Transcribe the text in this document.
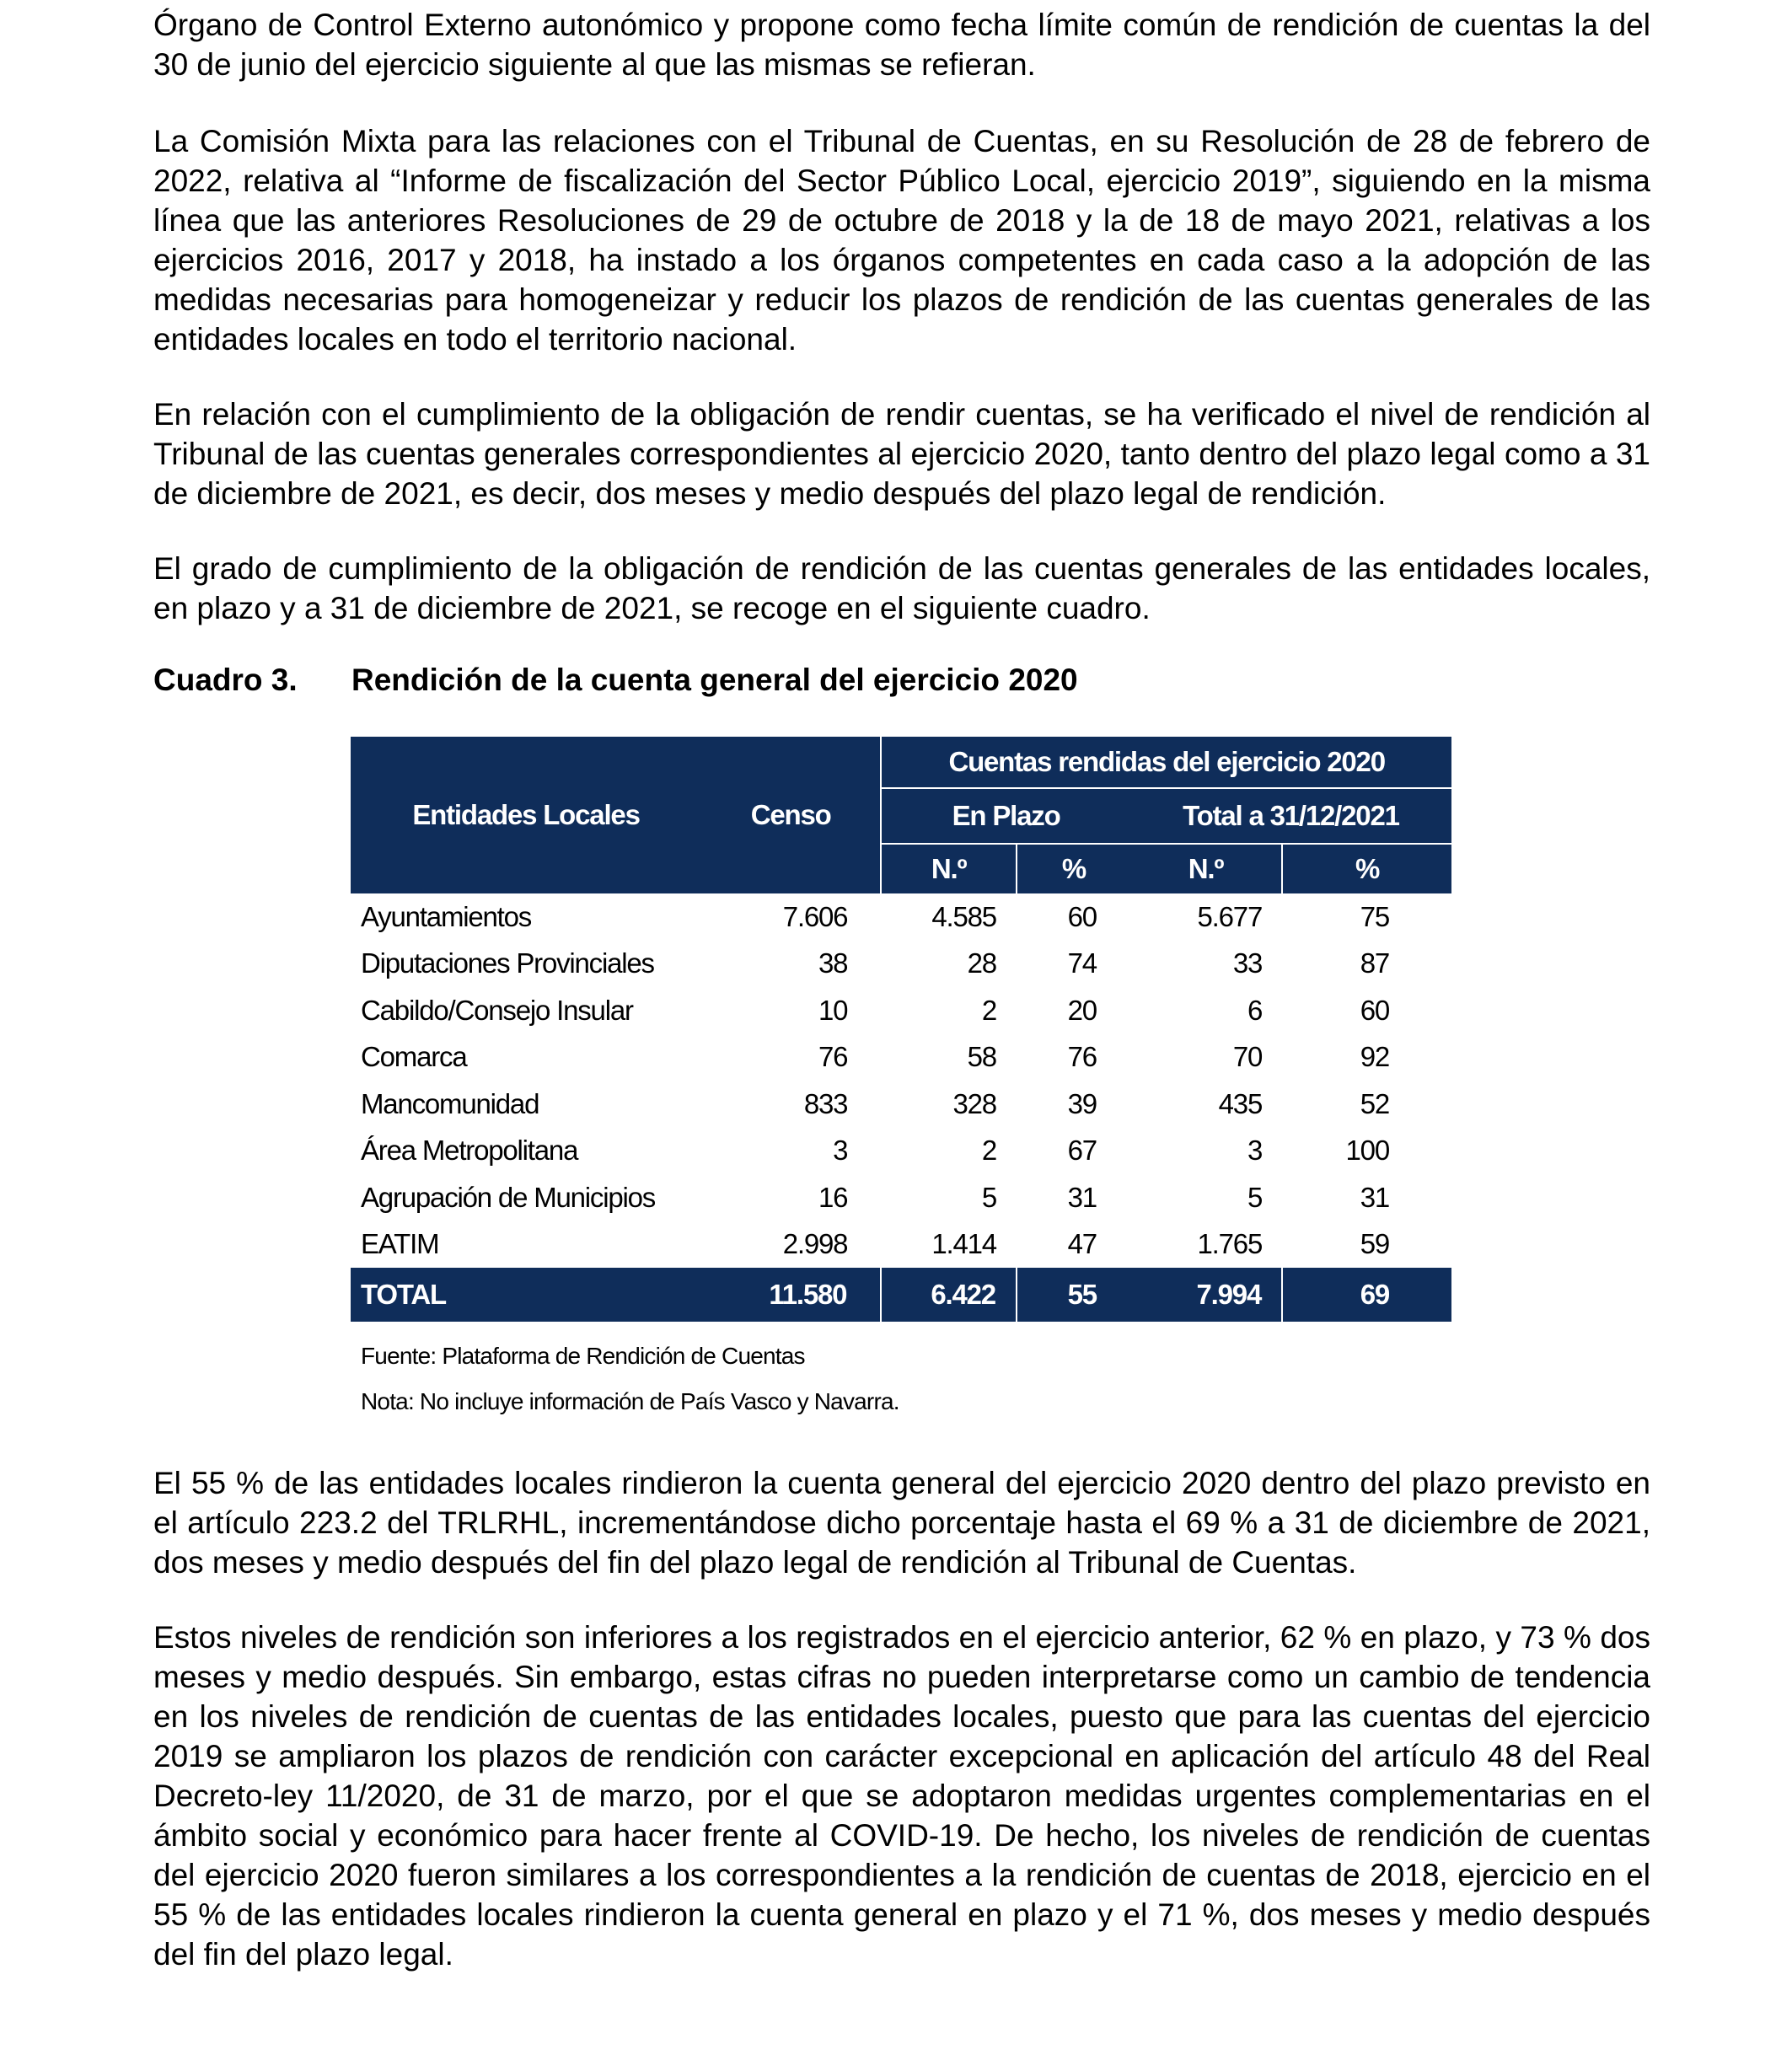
Órgano de Control Externo autonómico y propone como fecha límite común de rendición de cuentas la del 30 de junio del ejercicio siguiente al que las mismas se refieran.

La Comisión Mixta para las relaciones con el Tribunal de Cuentas, en su Resolución de 28 de febrero de 2022, relativa al “Informe de fiscalización del Sector Público Local, ejercicio 2019”, siguiendo en la misma línea que las anteriores Resoluciones de 29 de octubre de 2018 y la de 18 de mayo 2021, relativas a los ejercicios 2016, 2017 y 2018, ha instado a los órganos competentes en cada caso a la adopción de las medidas necesarias para homogeneizar y reducir los plazos de rendición de las cuentas generales de las entidades locales en todo el territorio nacional.

En relación con el cumplimiento de la obligación de rendir cuentas, se ha verificado el nivel de rendición al Tribunal de las cuentas generales correspondientes al ejercicio 2020, tanto dentro del plazo legal como a 31 de diciembre de 2021, es decir, dos meses y medio después del plazo legal de rendición.

El grado de cumplimiento de la obligación de rendición de las cuentas generales de las entidades locales, en plazo y a 31 de diciembre de 2021, se recoge en el siguiente cuadro.

Cuadro 3.	Rendición de la cuenta general del ejercicio 2020
Entidades Locales	Censo	Cuentas rendidas del ejercicio 2020			
		En Plazo		Total a 31/12/2021	
		N.º	%	N.º	%
Ayuntamientos	7.606	4.585	60	5.677	75
Diputaciones Provinciales	38	28	74	33	87
Cabildo/Consejo Insular	10	2	20	6	60
Comarca	76	58	76	70	92
Mancomunidad	833	328	39	435	52
Área Metropolitana	3	2	67	3	100
Agrupación de Municipios	16	5	31	5	31
EATIM	2.998	1.414	47	1.765	59
TOTAL	11.580	6.422	55	7.994	69
Fuente: Plataforma de Rendición de Cuentas
Nota: No incluye información de País Vasco y Navarra.

El 55 % de las entidades locales rindieron la cuenta general del ejercicio 2020 dentro del plazo previsto en el artículo 223.2 del TRLRHL, incrementándose dicho porcentaje hasta el 69 % a 31 de diciembre de 2021, dos meses y medio después del fin del plazo legal de rendición al Tribunal de Cuentas.

Estos niveles de rendición son inferiores a los registrados en el ejercicio anterior, 62 % en plazo, y 73 % dos meses y medio después. Sin embargo, estas cifras no pueden interpretarse como un cambio de tendencia en los niveles de rendición de cuentas de las entidades locales, puesto que para las cuentas del ejercicio 2019 se ampliaron los plazos de rendición con carácter excepcional en aplicación del artículo 48 del Real Decreto-ley 11/2020, de 31 de marzo, por el que se adoptaron medidas urgentes complementarias en el ámbito social y económico para hacer frente al COVID-19. De hecho, los niveles de rendición de cuentas del ejercicio 2020 fueron similares a los correspondientes a la rendición de cuentas de 2018, ejercicio en el 55 % de las entidades locales rindieron la cuenta general en plazo y el 71 %, dos meses y medio después del fin del plazo legal.
